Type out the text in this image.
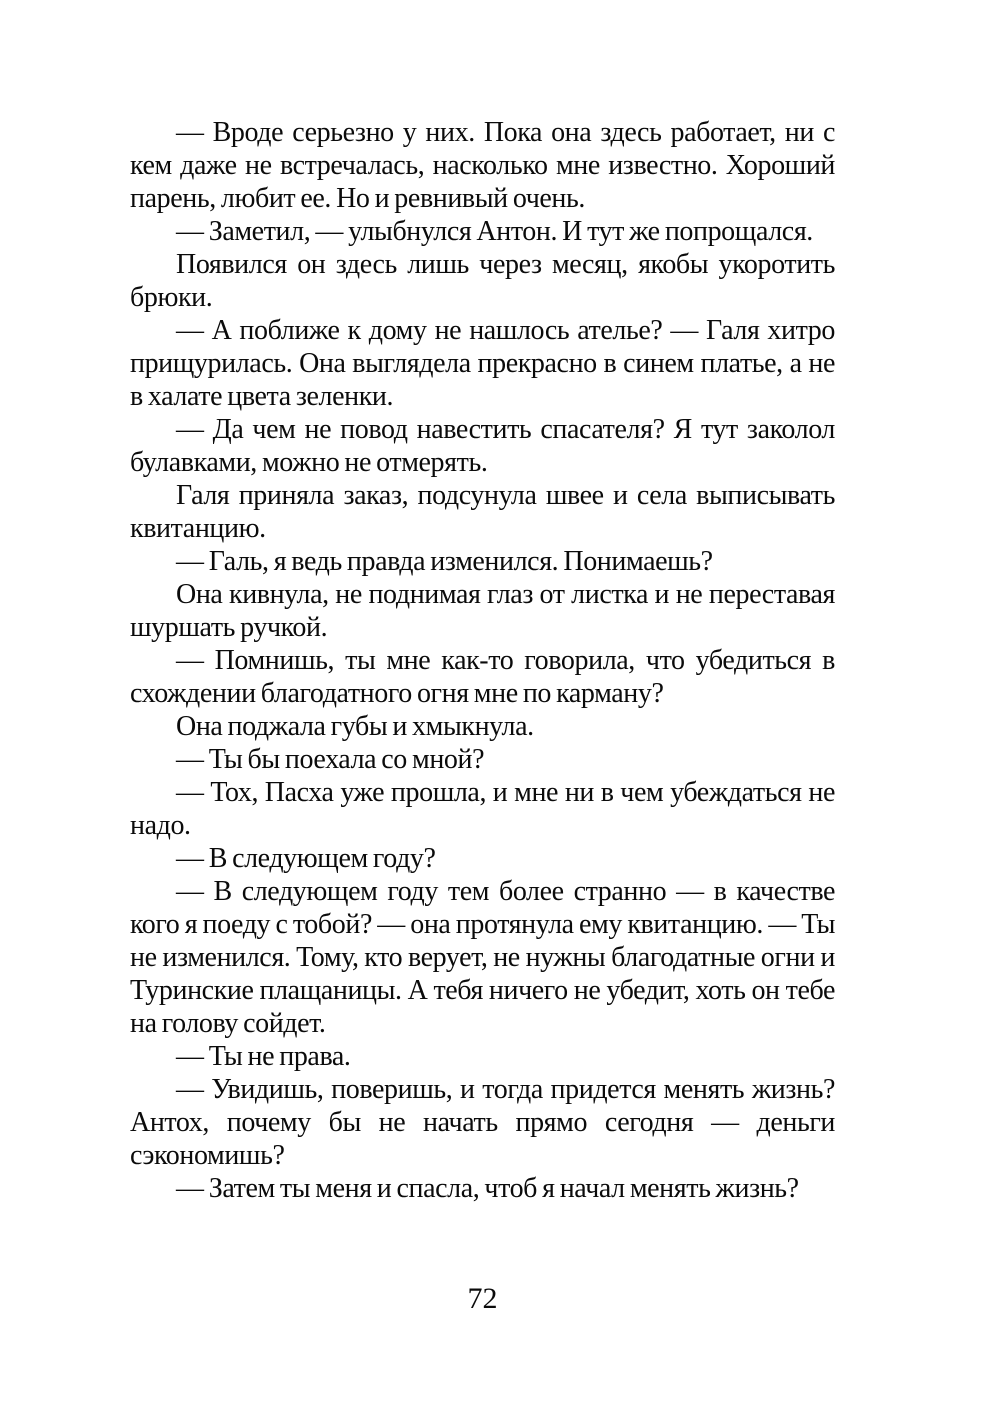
— Вроде серьезно у них. Пока она здесь работает, ни с кем даже не встречалась, насколько мне известно. Хороший парень, любит ее. Но и ревнивый очень.

— Заметил, — улыбнулся Антон. И тут же попрощался.

Появился он здесь лишь через месяц, якобы укоротить брюки.

— А поближе к дому не нашлось ателье? — Галя хитро прищурилась. Она выглядела прекрасно в синем платье, а не в халате цвета зеленки.

— Да чем не повод навестить спасателя? Я тут заколол булавками, можно не отмерять.

Галя приняла заказ, подсунула швее и села выписывать квитанцию.

— Галь, я ведь правда изменился. Понимаешь?

Она кивнула, не поднимая глаз от листка и не переставая шуршать ручкой.

— Помнишь, ты мне как-то говорила, что убедиться в схождении благодатного огня мне по карману?

Она поджала губы и хмыкнула.

— Ты бы поехала со мной?

— Тох, Пасха уже прошла, и мне ни в чем убеждаться не надо.

— В следующем году?

— В следующем году тем более странно — в качестве кого я поеду с тобой? — она протянула ему квитанцию. — Ты не изменился. Тому, кто верует, не нужны благодатные огни и Туринские плащаницы. А тебя ничего не убедит, хоть он тебе на голову сойдет.

— Ты не права.

— Увидишь, поверишь, и тогда придется менять жизнь? Антох, почему бы не начать прямо сегодня — деньги сэкономишь?

— Затем ты меня и спасла, чтоб я начал менять жизнь?

72
